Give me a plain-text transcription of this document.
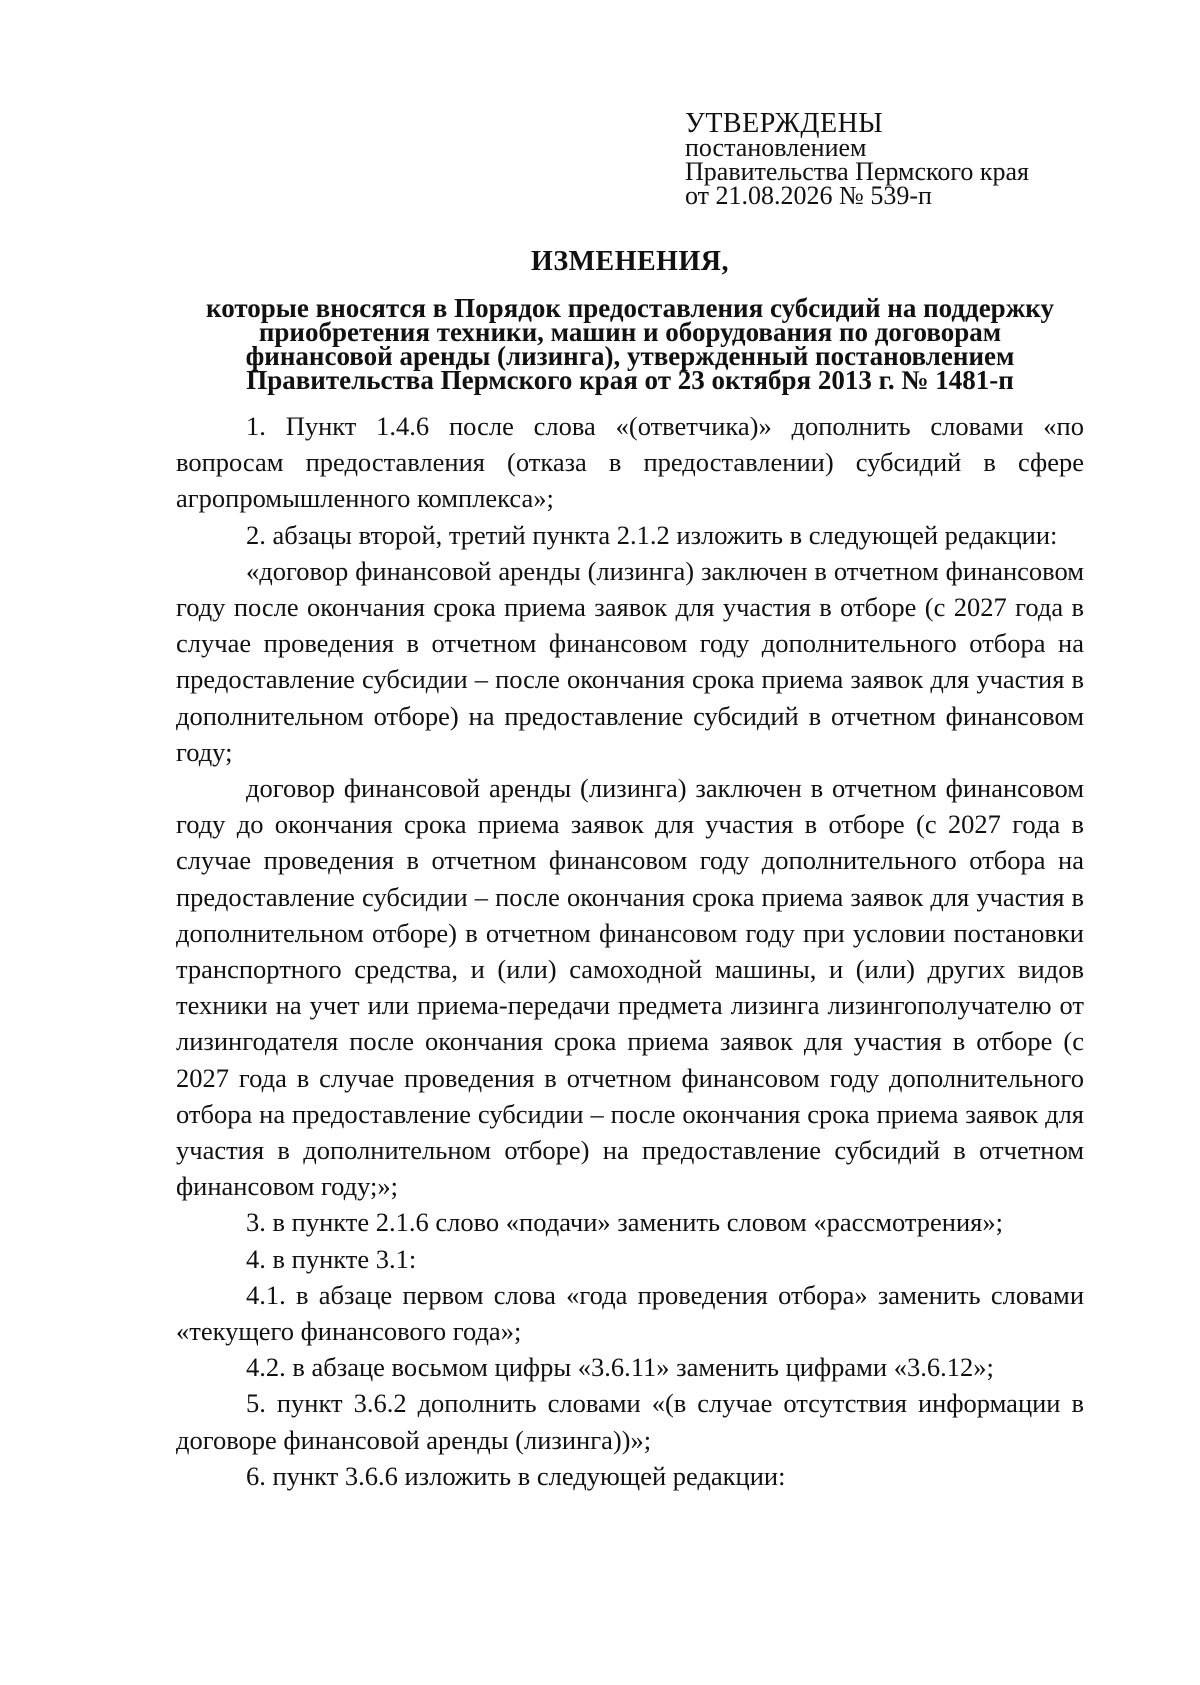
УТВЕРЖДЕНЫ
постановлением
Правительства Пермского края
от 21.08.2026 № 539-п
ИЗМЕНЕНИЯ,
которые вносятся в Порядок предоставления субсидий на поддержку
приобретения техники, машин и оборудования по договорам
финансовой аренды (лизинга), утвержденный постановлением
Правительства Пермского края от 23 октября 2013 г. № 1481-п

1. Пункт 1.4.6 после слова «(ответчика)» дополнить словами «по вопросам предоставления (отказа в предоставлении) субсидий в сфере агропромышленного комплекса»;

2. абзацы второй, третий пункта 2.1.2 изложить в следующей редакции:

«договор финансовой аренды (лизинга) заключен в отчетном финансовом году после окончания срока приема заявок для участия в отборе (с 2027 года в случае проведения в отчетном финансовом году дополнительного отбора на предоставление субсидии – после окончания срока приема заявок для участия в дополнительном отборе) на предоставление субсидий в отчетном финансовом году;

договор финансовой аренды (лизинга) заключен в отчетном финансовом году до окончания срока приема заявок для участия в отборе (с 2027 года в случае проведения в отчетном финансовом году дополнительного отбора на предоставление субсидии – после окончания срока приема заявок для участия в дополнительном отборе) в отчетном финансовом году при условии постановки транспортного средства, и (или) самоходной машины, и (или) других видов техники на учет или приема-передачи предмета лизинга лизингополучателю от лизингодателя после окончания срока приема заявок для участия в отборе (с 2027 года в случае проведения в отчетном финансовом году дополнительного отбора на предоставление субсидии – после окончания срока приема заявок для участия в дополнительном отборе) на предоставление субсидий в отчетном финансовом году;»;

3. в пункте 2.1.6 слово «подачи» заменить словом «рассмотрения»;

4. в пункте 3.1:

4.1. в абзаце первом слова «года проведения отбора» заменить словами «текущего финансового года»;

4.2. в абзаце восьмом цифры «3.6.11» заменить цифрами «3.6.12»;

5. пункт 3.6.2 дополнить словами «(в случае отсутствия информации в договоре финансовой аренды (лизинга))»;

6. пункт 3.6.6 изложить в следующей редакции:
